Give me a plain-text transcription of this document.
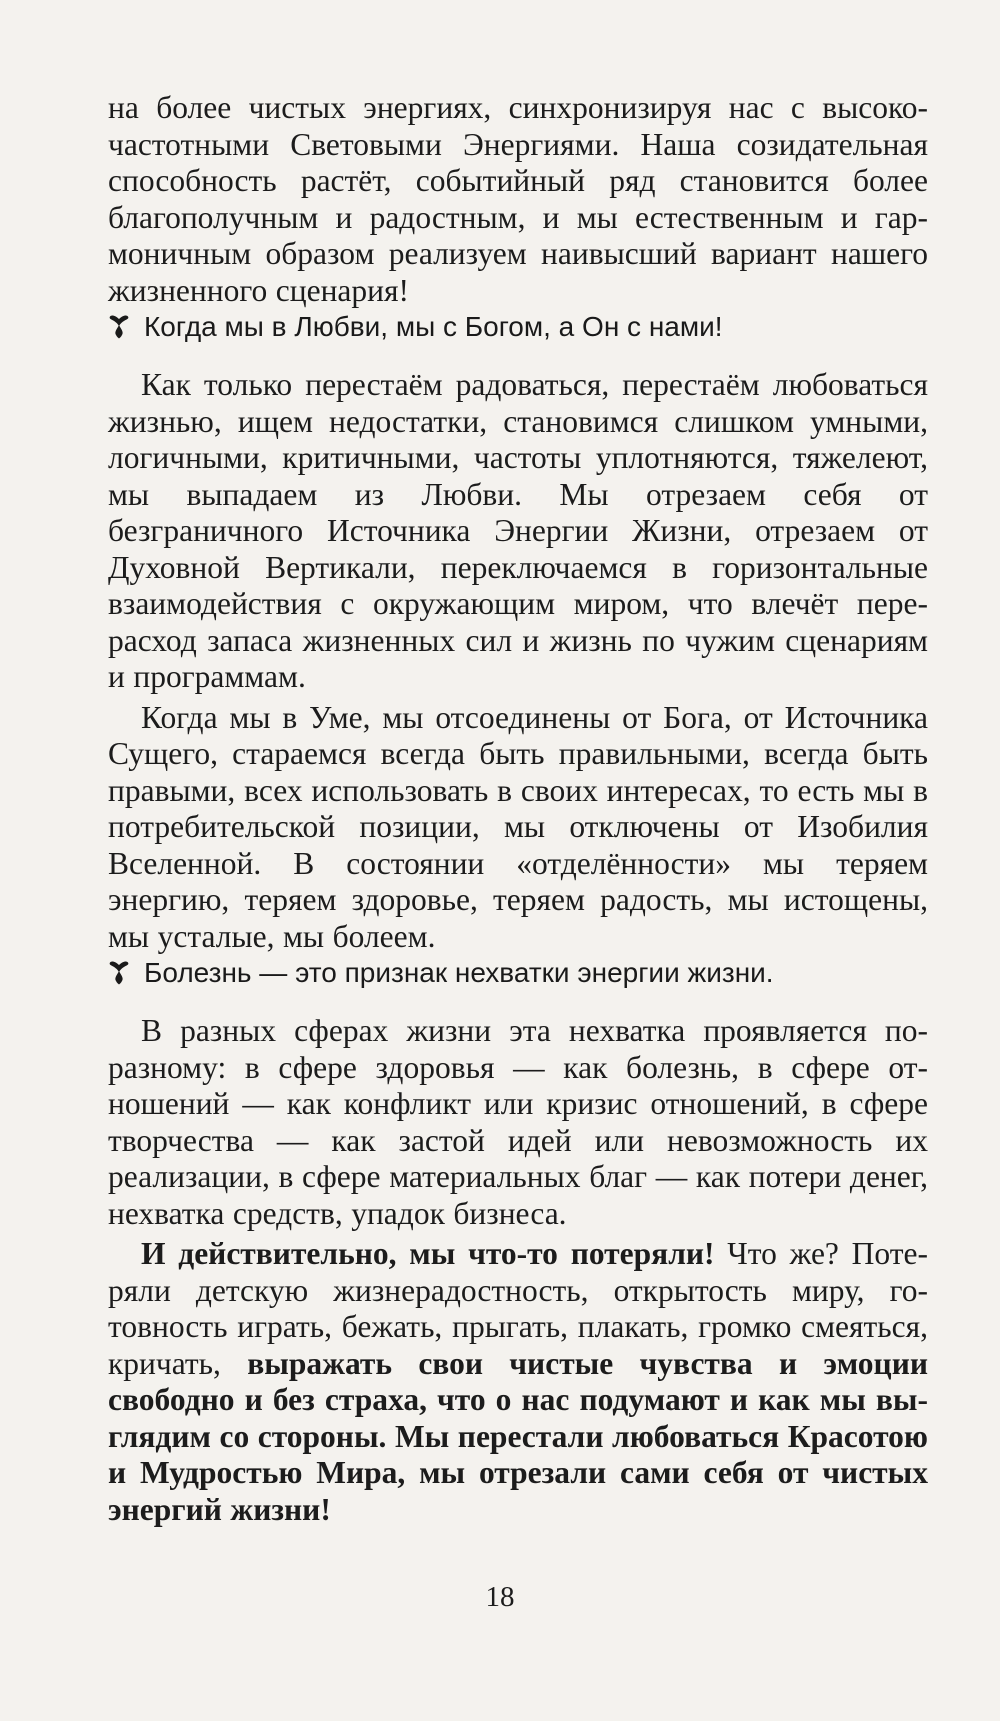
на более чистых энергиях, синхронизируя нас с высокочастотными Световыми Энергиями. Наша созидательная способность растёт, событийный ряд становится более благополучным и радостным, и мы естественным и гармоничным образом реализуем наивысший вариант нашего жизненного сценария!

Когда мы в Любви, мы с Богом, а Он с нами!

Как только перестаём радоваться, перестаём любоваться жизнью, ищем недостатки, становимся слишком умными, логичными, критичными, частоты уплотняются, тяжелеют, мы выпадаем из Любви. Мы отрезаем себя от безграничного Источника Энергии Жизни, отрезаем от Духовной Вертикали, переключаемся в горизонтальные взаимодействия с окружающим миром, что влечёт перерасход запаса жизненных сил и жизнь по чужим сценариям и программам.

Когда мы в Уме, мы отсоединены от Бога, от Источника Сущего, стараемся всегда быть правильными, всегда быть правыми, всех использовать в своих интересах, то есть мы в потребительской позиции, мы отключены от Изобилия Вселенной. В состоянии «отделённости» мы теряем энергию, теряем здоровье, теряем радость, мы истощены, мы усталые, мы болеем.

Болезнь — это признак нехватки энергии жизни.

В разных сферах жизни эта нехватка проявляется поразному: в сфере здоровья — как болезнь, в сфере отношений — как конфликт или кризис отношений, в сфере творчества — как застой идей или невозможность их реализации, в сфере материальных благ — как потери денег, нехватка средств, упадок бизнеса.

И действительно, мы что-то потеряли! Что же? Потеряли детскую жизнерадостность, открытость миру, готовность играть, бежать, прыгать, плакать, громко смеяться, кричать, выражать свои чистые чувства и эмоции свободно и без страха, что о нас подумают и как мы выглядим со стороны. Мы перестали любоваться Красотою и Мудростью Мира, мы отрезали сами себя от чистых энергий жизни!

18
